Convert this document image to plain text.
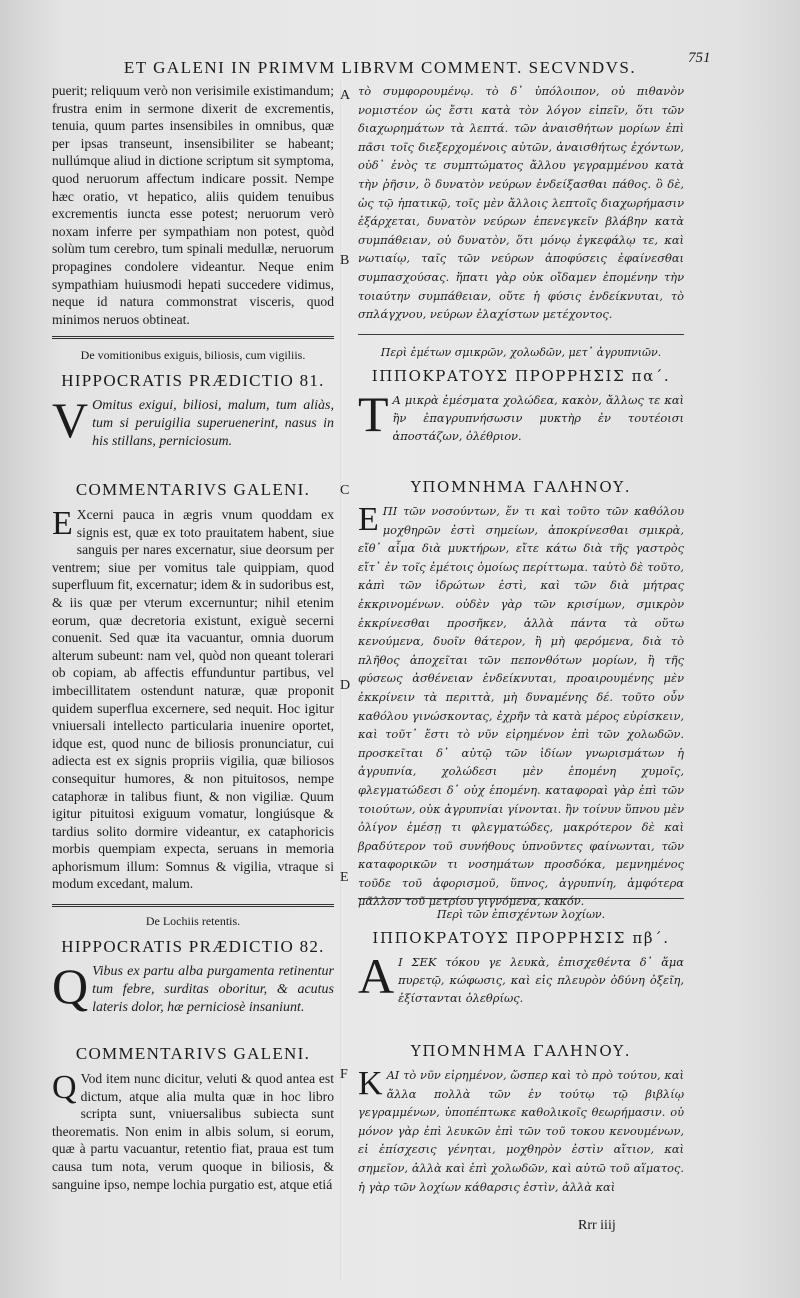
ET GALENI IN PRIMVM LIBRVM COMMENT. SECVNDVS.	751
A
B
C
D
E
F

puerit; reliquum verò non verisimile existimandum; frustra enim in sermone dixerit de excrementis, tenuia, quum partes insensibiles in omnibus, quæ per ipsas transeunt, insensibiliter se habeant; nullúmque aliud in dictione scriptum sit symptoma, quod neruorum affectum indicare possit. Nempe hæc oratio, vt hepatico, aliis quidem tenuibus excrementis iuncta esse potest; neruorum verò noxam inferre per sympathiam non potest, quòd solùm tum cerebro, tum spinali medullæ, neruorum propagines condolere videantur. Neque enim sympathiam huiusmodi hepati succedere vidimus, neque id natura commonstrat visceris, quod minimos neruos obtineat.

De vomitionibus exiguis, biliosis, cum vigiliis.

HIPPOCRATIS PRÆDICTIO 81.

V Omitus exigui, biliosi, malum, tum aliàs, tum si peruigilia superuenerint, nasus in his stillans, perniciosum.

COMMENTARIVS GALENI.

E Xcerni pauca in ægris vnum quoddam ex signis est, quæ ex toto prauitatem habent, siue sanguis per nares excernatur, siue deorsum per ventrem; siue per vomitus tale quippiam, quod superfluum fit, excernatur; idem & in sudoribus est, & iis quæ per vterum excernuntur; nihil etenim eorum, quæ decretoria existunt, exiguè secerni conuenit. Sed quæ ita vacuantur, omnia duorum alterum subeunt: nam vel, quòd non queant tolerari ob copiam, ab affectis effunduntur partibus, vel imbecillitatem ostendunt naturæ, quæ proponit quidem superflua excernere, sed nequit. Hoc igitur vniuersali intellecto particularia inuenire oportet, idque est, quod nunc de biliosis pronunciatur, cui adiecta est ex signis propriis vigilia, quæ biliosos consequitur humores, & non pituitosos, nempe cataphoræ in talibus fiunt, & non vigiliæ. Quum igitur pituitosi exiguum vomatur, longiúsque & tardius solito dormire videantur, ex cataphoricis morbis quempiam expecta, seruans in memoria aphorismum illum: Somnus & vigilia, vtraque si modum excedant, malum.

De Lochiis retentis.

HIPPOCRATIS PRÆDICTIO 82.

Q Vibus ex partu alba purgamenta retinentur tum febre, surditas oboritur, & acutus lateris dolor, hæ perniciosè insaniunt.

COMMENTARIVS GALENI.

Q Vod item nunc dicitur, veluti & quod antea est dictum, atque alia multa quæ in hoc libro scripta sunt, vniuersalibus subiecta sunt theorematis. Non enim in albis solum, si eorum, quæ à partu vacuantur, retentio fiat, praua est tum causa tum nota, verum quoque in biliosis, & sanguine ipso, nempe lochia purgatio est, atque etiá

τὸ συμφορουμένῳ. τὸ δ᾽ ὑπόλοιπον, οὐ πιθανὸν νομιστέον ὡς ἔστι κατὰ τὸν λόγον εἰπεῖν, ὅτι τῶν διαχωρημάτων τὰ λεπτά. τῶν ἀναισθήτων μορίων ἐπὶ πᾶσι τοῖς διεξερχομένοις αὐτῶν, ἀναισθήτως ἐχόντων, οὐδ᾽ ἑνὸς τε συμπτώματος ἄλλου γεγραμμένου κατὰ τὴν ῥῆσιν, ὃ δυνατὸν νεύρων ἐνδείξασθαι πάθος. ὃ δὲ, ὡς τῷ ἡπατικῷ, τοῖς μὲν ἄλλοις λεπτοῖς διαχωρήμασιν ἐξάρχεται, δυνατὸν νεύρων ἐπενεγκεῖν βλάβην κατὰ συμπάθειαν, οὐ δυνατὸν, ὅτι μόνῳ ἐγκεφάλῳ τε, καὶ νωτιαίῳ, ταῖς τῶν νεύρων ἀποφύσεις ἐφαίνεσθαι συμπασχούσας. ἥπατι γὰρ οὐκ οἴδαμεν ἐπομένην τὴν τοιαύτην συμπάθειαν, οὔτε ἡ φύσις ἐνδείκνυται, τὸ σπλάγχνου, νεύρων ἐλαχίστων μετέχοντος.

Περὶ ἐμέτων σμικρῶν, χολωδῶν, μετ᾽ ἀγρυπνιῶν.

ΙΠΠΟΚΡΑΤΟΥΣ ΠΡΟΡΡΗΣΙΣ πα΄.

Τ Α μικρὰ ἐμέσματα χολώδεα, κακὸν, ἄλλως τε καὶ ἢν ἐπαγρυπνήσωσιν μυκτὴρ ἐν τουτέοισι ἀποστάζων, ὀλέθριον.

ΥΠΟΜΝΗΜΑ ΓΑΛΗΝΟΥ.

Ε ΠΙ τῶν νοσούντων, ἕν τι καὶ τοῦτο τῶν καθόλου μοχθηρῶν ἐστὶ σημείων, ἀποκρίνεσθαι σμικρὰ, εἴθ᾽ αἷμα διὰ μυκτήρων, εἴτε κάτω διὰ τῆς γαστρὸς εἴτ᾽ ἐν τοῖς ἐμέτοις ὁμοίως περίττωμα. ταὐτὸ δὲ τοῦτο, κἀπὶ τῶν ἱδρώτων ἐστὶ, καὶ τῶν διὰ μήτρας ἐκκρινομένων. οὐδὲν γὰρ τῶν κρισίμων, σμικρὸν ἐκκρίνεσθαι προσῆκεν, ἀλλὰ πάντα τὰ οὕτω κενούμενα, δυοῖν θάτερον, ἢ μὴ φερόμενα, διὰ τὸ πλῆθος ἀποχεῖται τῶν πεπονθότων μορίων, ἢ τῆς φύσεως ἀσθένειαν ἐνδείκνυται, προαιρουμένης μὲν ἐκκρίνειν τὰ περιττὰ, μὴ δυναμένης δέ. τοῦτο οὖν καθόλου γινώσκοντας, ἐχρῆν τὰ κατὰ μέρος εὑρίσκειν, καὶ τοῦτ᾽ ἔστι τὸ νῦν εἰρημένον ἐπὶ τῶν χολωδῶν. προσκεῖται δ᾽ αὐτῷ τῶν ἰδίων γνωρισμάτων ἡ ἀγρυπνία, χολώδεσι μὲν ἑπομένη χυμοῖς, φλεγματώδεσι δ᾽ οὐχ ἑπομένη. καταφοραὶ γὰρ ἐπὶ τῶν τοιούτων, οὐκ ἀγρυπνίαι γίνονται. ἢν τοίνυν ὕπνου μὲν ὀλίγον ἐμέσῃ τι φλεγματώδες, μακρότερον δὲ καὶ βραδύτερον τοῦ συνήθους ὑπνοῦντες φαίνωνται, τῶν καταφορικῶν τι νοσημάτων προσδόκα, μεμνημένος τοῦδε τοῦ ἀφορισμοῦ, ὕπνος, ἀγρυπνίη, ἀμφότερα μᾶλλον τοῦ μετρίου γιγνόμενα, κακόν.

Περὶ τῶν ἐπισχέντων λοχίων.

ΙΠΠΟΚΡΑΤΟΥΣ ΠΡΟΡΡΗΣΙΣ πβ΄.

Α Ι ΣΕΚ τόκου γε λευκὰ, ἐπισχεθέντα δ᾽ ἅμα πυρετῷ, κώφωσις, καὶ εἰς πλευρὸν ὀδύνη ὀξεῖη, ἐξίστανται ὀλεθρίως.

ΥΠΟΜΝΗΜΑ ΓΑΛΗΝΟΥ.

Κ ΑΙ τὸ νῦν εἰρημένον, ὥσπερ καὶ τὸ πρὸ τούτου, καὶ ἄλλα πολλὰ τῶν ἐν τούτῳ τῷ βιβλίῳ γεγραμμένων, ὑποπέπτωκε καθολικοῖς θεωρήμασιν. οὐ μόνον γὰρ ἐπὶ λευκῶν ἐπὶ τῶν τοῦ τοκου κενουμένων, εἰ ἐπίσχεσις γένηται, μοχθηρὸν ἐστὶν αἴτιον, καὶ σημεῖον, ἀλλὰ καὶ ἐπὶ χολωδῶν, καὶ αὐτῶ τοῦ αἵματος. ἡ γὰρ τῶν λοχίων κάθαρσις ἐστὶν, ἀλλὰ καὶ

Rrr iiij
